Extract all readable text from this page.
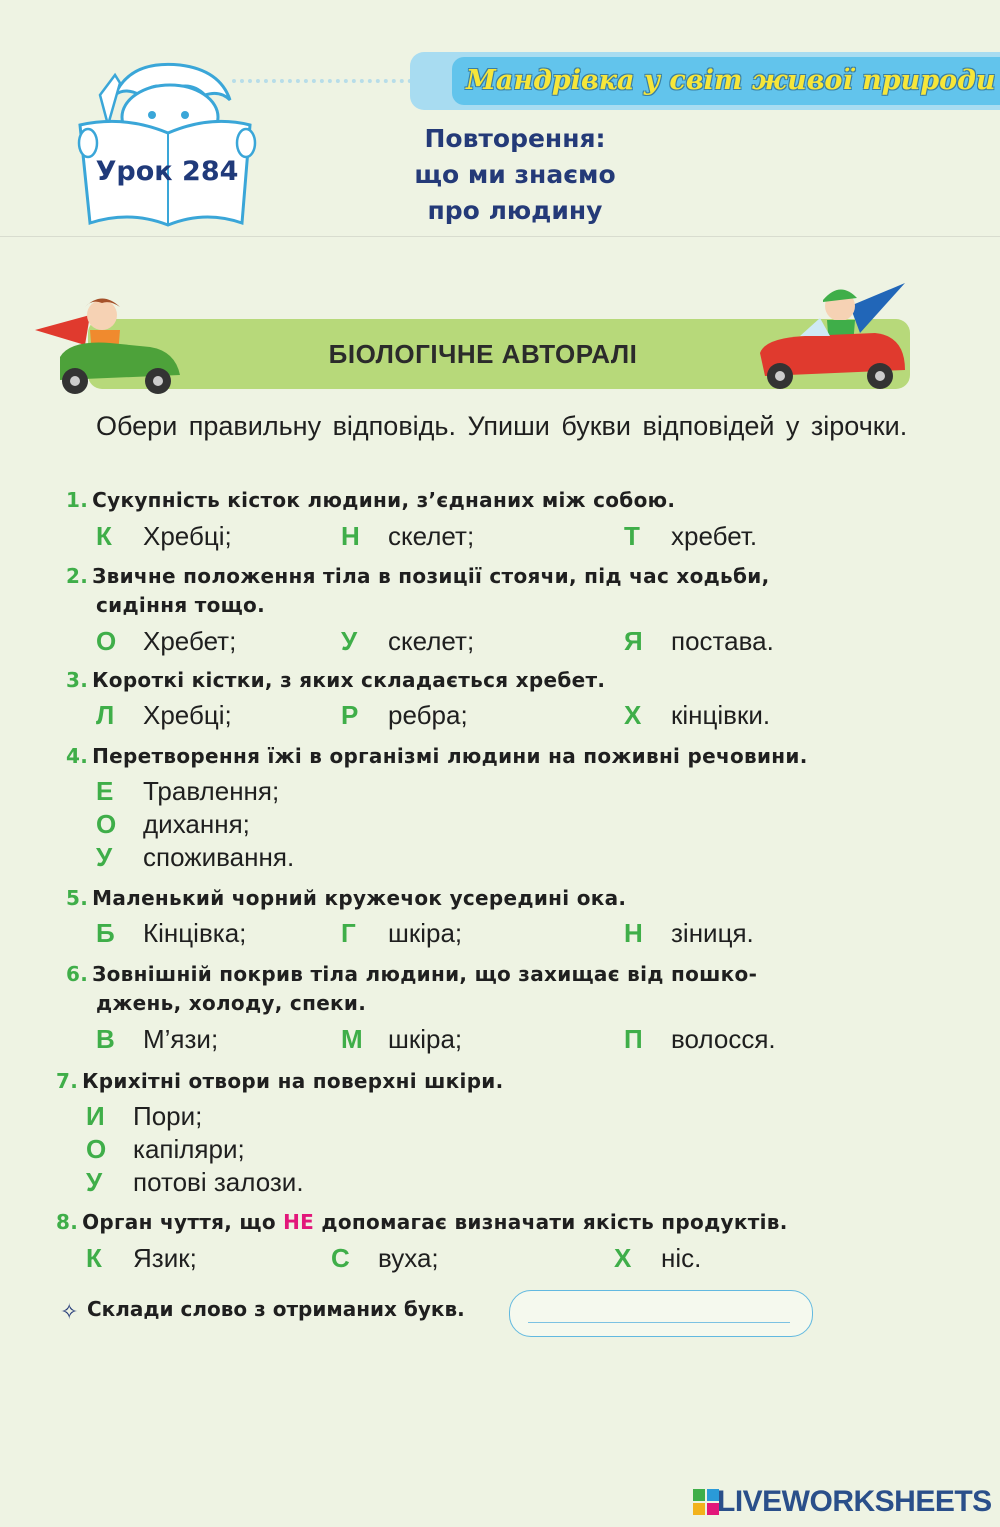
Урок 284
Мандрівка у світ живої природи
Повторення:
що ми знаємо
про людину
БІОЛОГІЧНЕ АВТОРАЛІ
Обери правильну відповідь. Упиши букви відповідей у зірочки.
1. Сукупність кісток людини, з’єднаних між собою.
К Хребці;	Н скелет;	Т хребет.
2. Звичне положення тіла в позиції стоячи, під час ходьби,
сидіння тощо.
О Хребет;	У скелет;	Я постава.
3. Короткі кістки, з яких складається хребет.
Л Хребці;	Р ребра;	Х кінцівки.
4. Перетворення їжі в організмі людини на поживні речовини.
Е Травлення;
О дихання;
У споживання.
5. Маленький чорний кружечок усередині ока.
Б Кінцівка;	Г шкіра;	Н зіниця.
6. Зовнішній покрив тіла людини, що захищає від пошко-
джень, холоду, спеки.
В М’язи;	М шкіра;	П волосся.
7. Крихітні отвори на поверхні шкіри.
И Пори;
О капіляри;
У потові залози.
8. Орган чуття, що НЕ допомагає визначати якість продуктів.
К Язик;	С вуха;	Х ніс.
✧ Склади слово з отриманих букв.
LIVEWORKSHEETS
